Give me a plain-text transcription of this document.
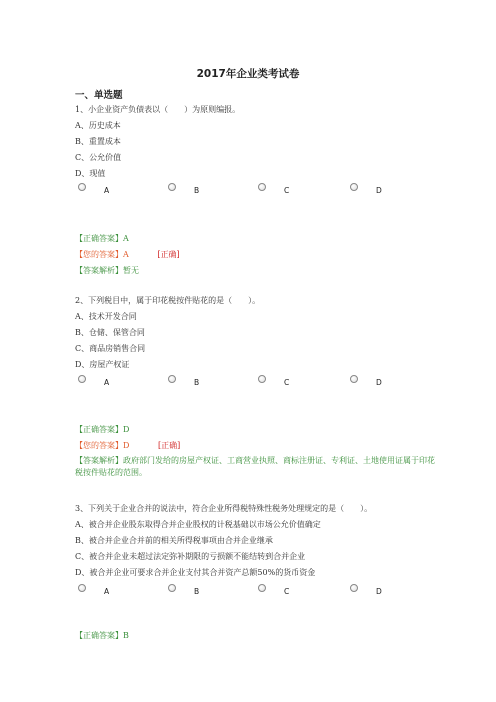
2017年企业类考试卷
一、单选题
1、小企业资产负债表以（　　）为原则编报。
A、历史成本
B、重置成本
C、公允价值
D、现值
A	B	C	D
【正确答案】A
【您的答案】A	[正确]
【答案解析】暂无
2、下列税目中，属于印花税按件贴花的是（　　）。
A、技术开发合同
B、仓储、保管合同
C、商品房销售合同
D、房屋产权证
A	B	C	D
【正确答案】D
【您的答案】D	[正确]
【答案解析】政府部门发给的房屋产权证、工商营业执照、商标注册证、专利证、土地使用证属于印花税按件贴花的范围。
3、下列关于企业合并的说法中，符合企业所得税特殊性税务处理规定的是（　　）。
A、被合并企业股东取得合并企业股权的计税基础以市场公允价值确定
B、被合并企业合并前的相关所得税事项由合并企业继承
C、被合并企业未超过法定弥补期限的亏损额不能结转到合并企业
D、被合并企业可要求合并企业支付其合并资产总额50%的货币资金
A	B	C	D
【正确答案】B
